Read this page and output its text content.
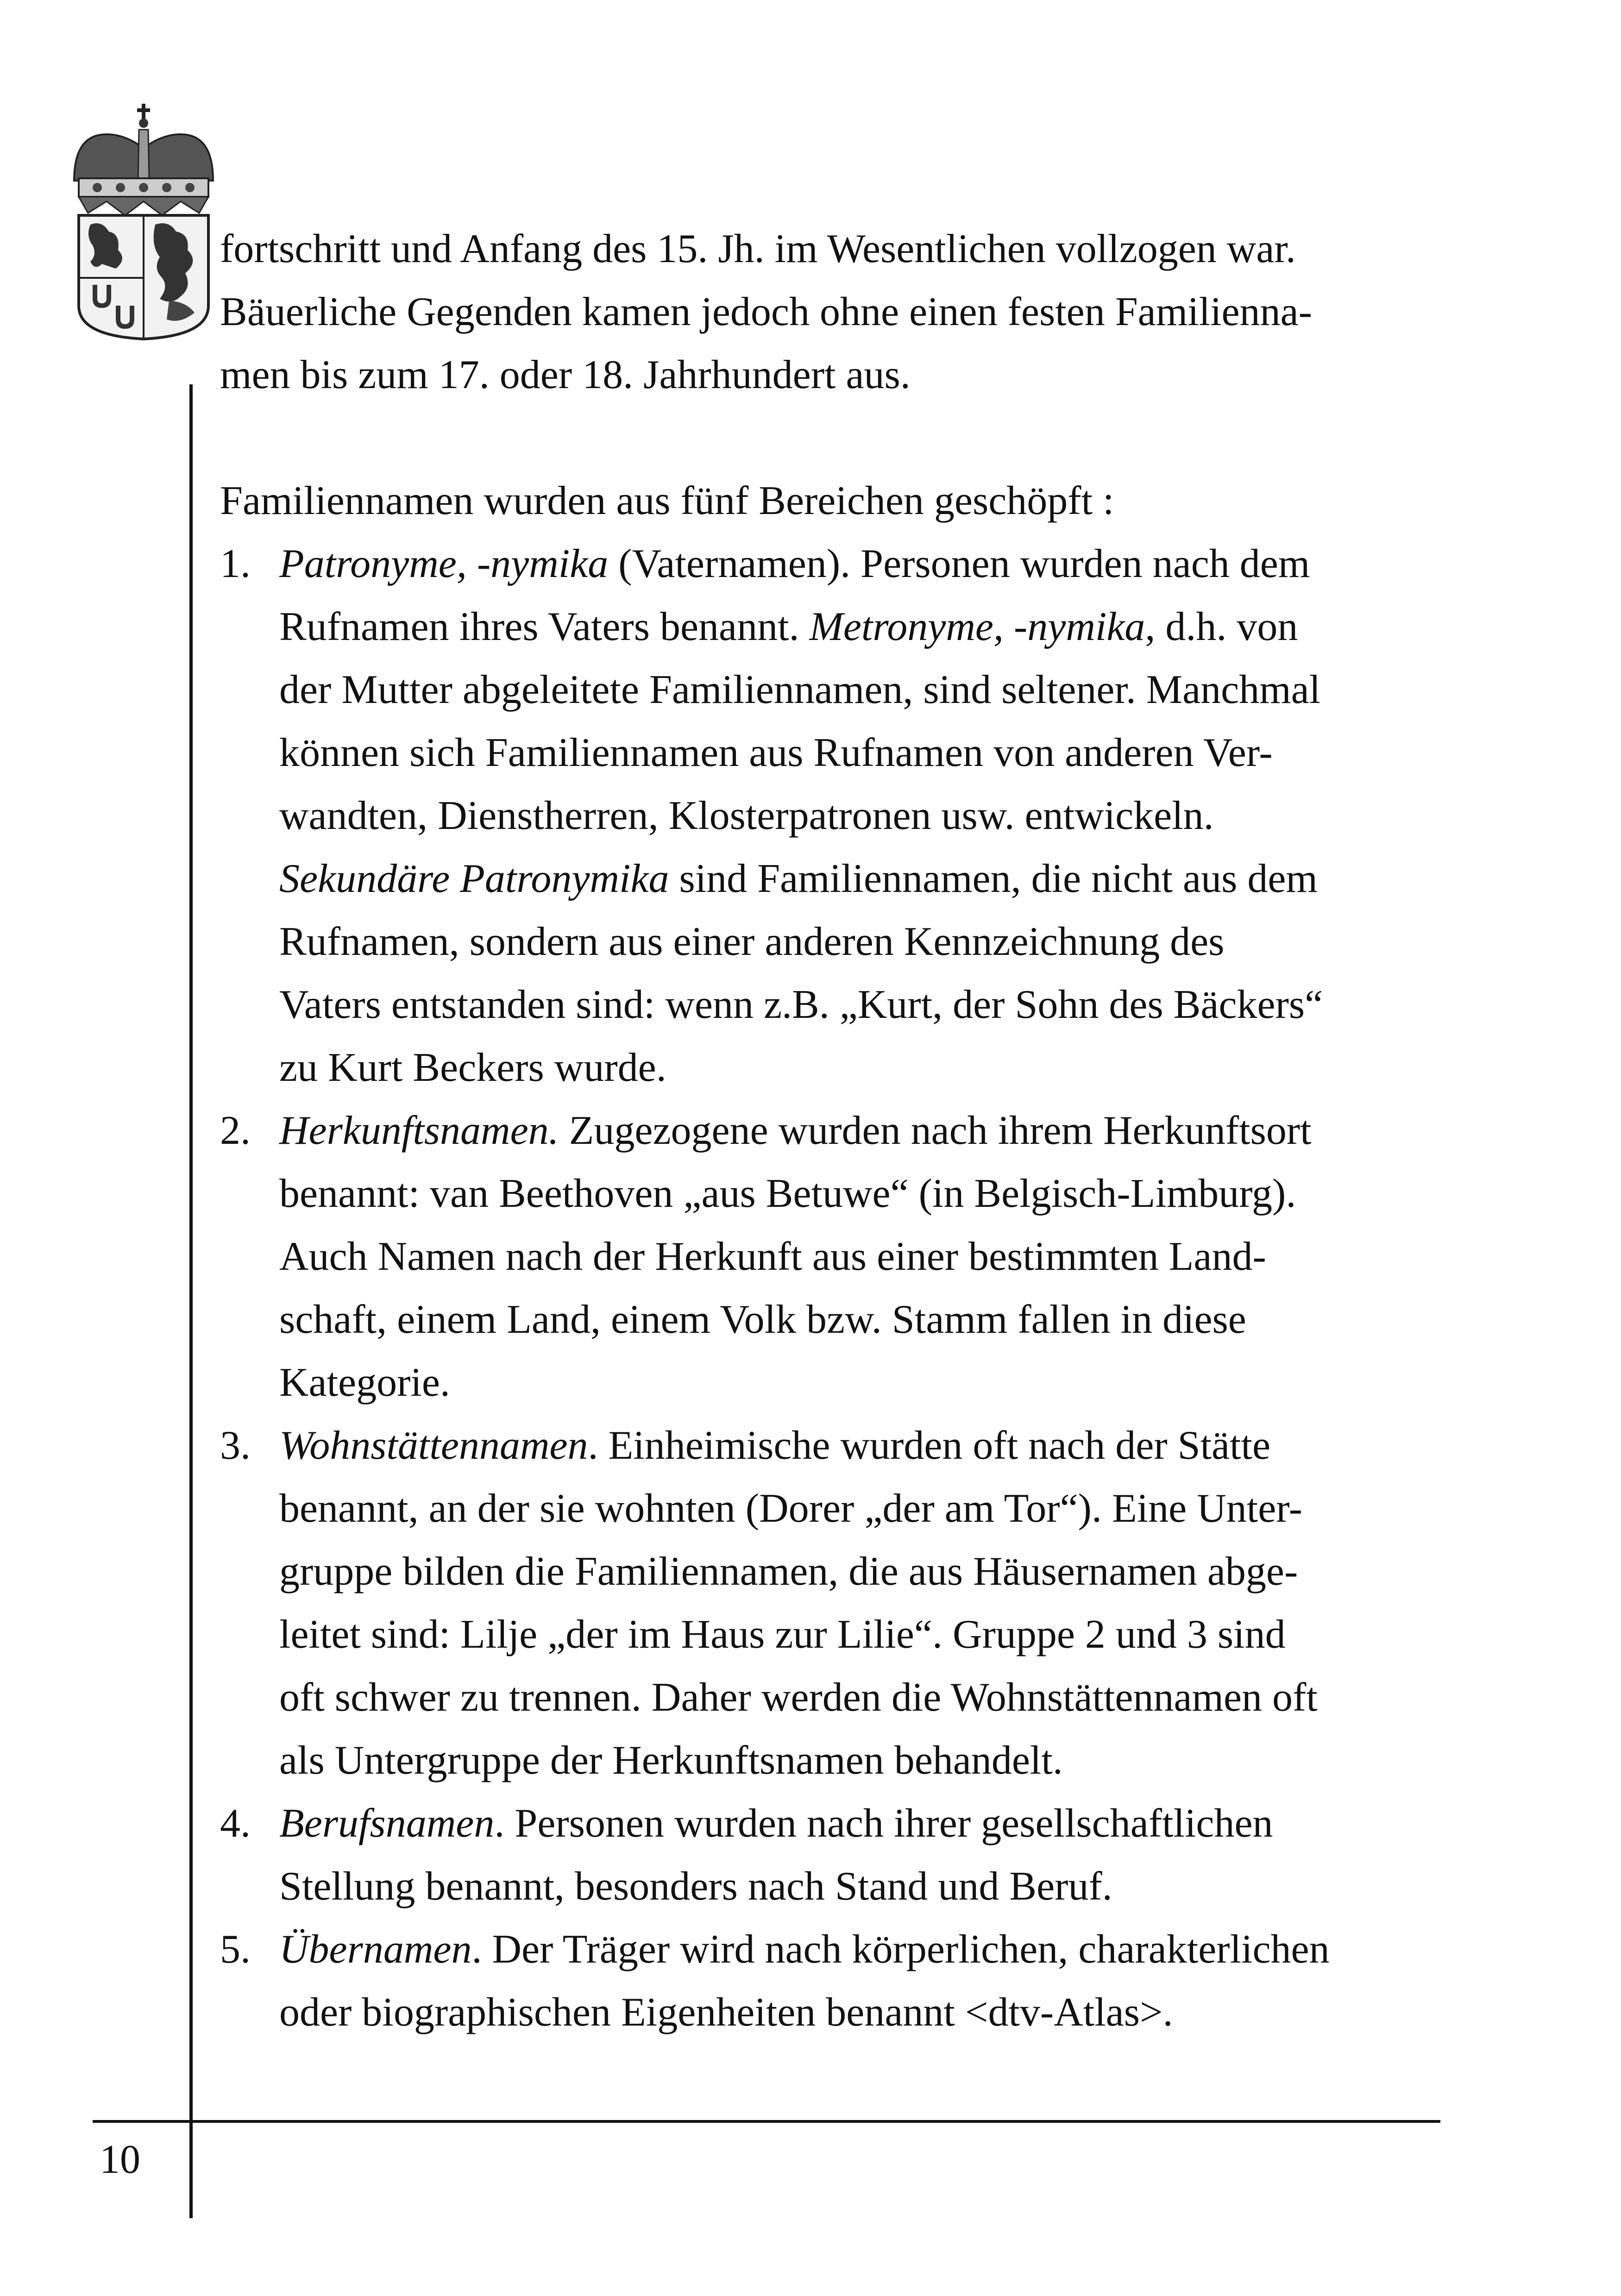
10

fortschritt und Anfang des 15. Jh. im Wesentlichen vollzogen war.

Bäuerliche Gegenden kamen jedoch ohne einen festen Familienna-

men bis zum 17. oder 18. Jahrhundert aus.

Familiennamen wurden aus fünf Bereichen geschöpft :

1. Patronyme, -nymika (Vaternamen). Personen wurden nach dem

Rufnamen ihres Vaters benannt. Metronyme, -nymika, d.h. von

der Mutter abgeleitete Familiennamen, sind seltener. Manchmal

können sich Familiennamen aus Rufnamen von anderen Ver-

wandten, Dienstherren, Klosterpatronen usw. entwickeln.

Sekundäre Patronymika sind Familiennamen, die nicht aus dem

Rufnamen, sondern aus einer anderen Kennzeichnung des

Vaters entstanden sind: wenn z.B. „Kurt, der Sohn des Bäckers“

zu Kurt Beckers wurde.

2. Herkunftsnamen. Zugezogene wurden nach ihrem Herkunftsort

benannt: van Beethoven „aus Betuwe“ (in Belgisch-Limburg).

Auch Namen nach der Herkunft aus einer bestimmten Land-

schaft, einem Land, einem Volk bzw. Stamm fallen in diese

Kategorie.

3. Wohnstättennamen. Einheimische wurden oft nach der Stätte

benannt, an der sie wohnten (Dorer „der am Tor“). Eine Unter-

gruppe bilden die Familiennamen, die aus Häusernamen abge-

leitet sind: Lilje „der im Haus zur Lilie“. Gruppe 2 und 3 sind

oft schwer zu trennen. Daher werden die Wohnstättennamen oft

als Untergruppe der Herkunftsnamen behandelt.

4. Berufsnamen. Personen wurden nach ihrer gesellschaftlichen

Stellung benannt, besonders nach Stand und Beruf.

5. Übernamen. Der Träger wird nach körperlichen, charakterlichen

oder biographischen Eigenheiten benannt <dtv-Atlas>.
